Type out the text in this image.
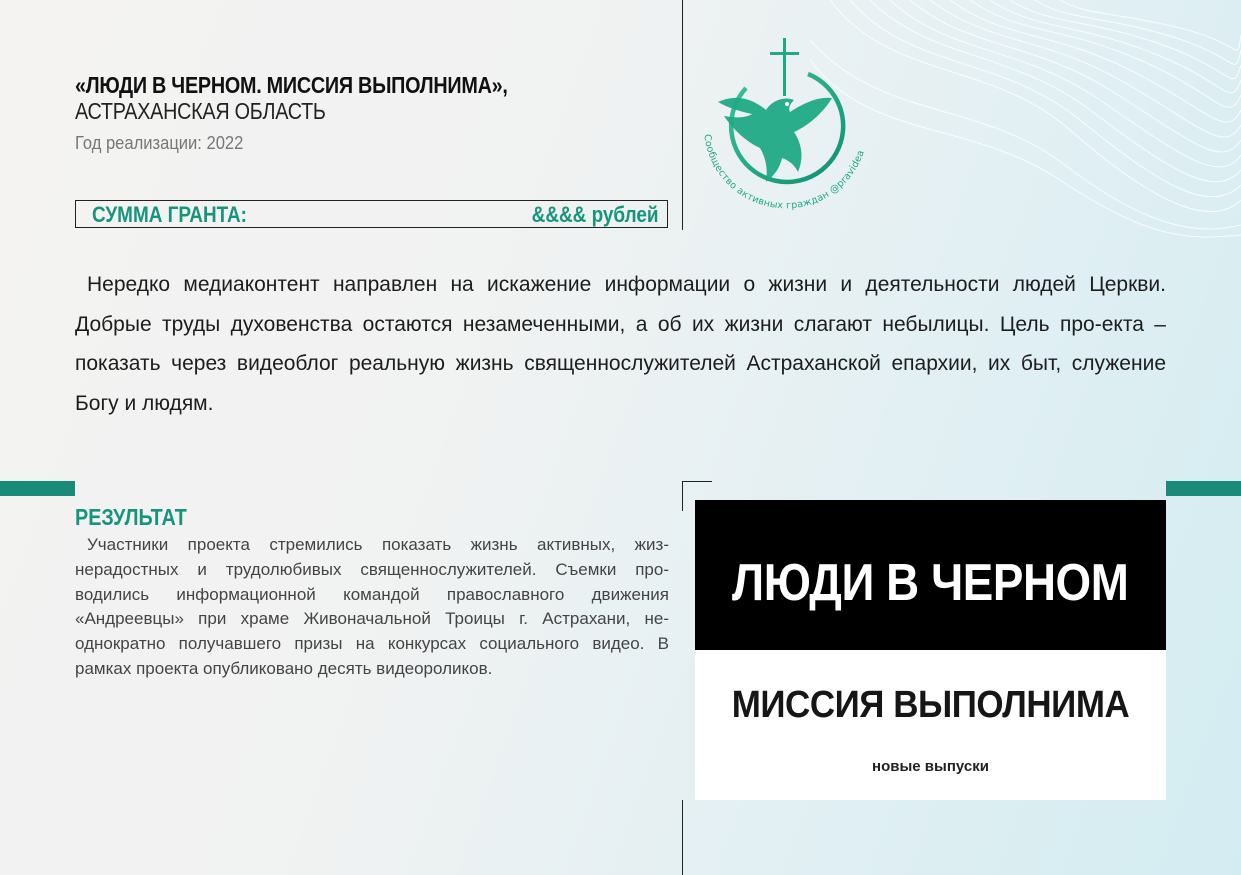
«ЛЮДИ В ЧЕРНОМ. МИССИЯ ВЫПОЛНИМА»,
АСТРАХАНСКАЯ ОБЛАСТЬ
Год реализации: 2022
СУММА ГРАНТА:	&&&& рублей
Сообщество активных граждан @pravidea

Нередко медиаконтент направлен на искажение информации о жизни и деятельности людей Церкви. Добрые труды духовенства остаются незамеченными, а об их жизни слагают небылицы. Цель про-екта – показать через видеоблог реальную жизнь священнослужителей Астраханской епархии, их быт, служение Богу и людям.

РЕЗУЛЬТАТ

Участники проекта стремились показать жизнь активных, жиз-нерадостных и трудолюбивых священнослужителей. Съемки про-водились информационной командой православного движения «Андреевцы» при храме Живоначальной Троицы г. Астрахани, не-однократно получавшего призы на конкурсах социального видео. В рамках проекта опубликовано десять видеороликов.

ЛЮДИ В ЧЕРНОМ
МИССИЯ ВЫПОЛНИМА
новые выпуски
